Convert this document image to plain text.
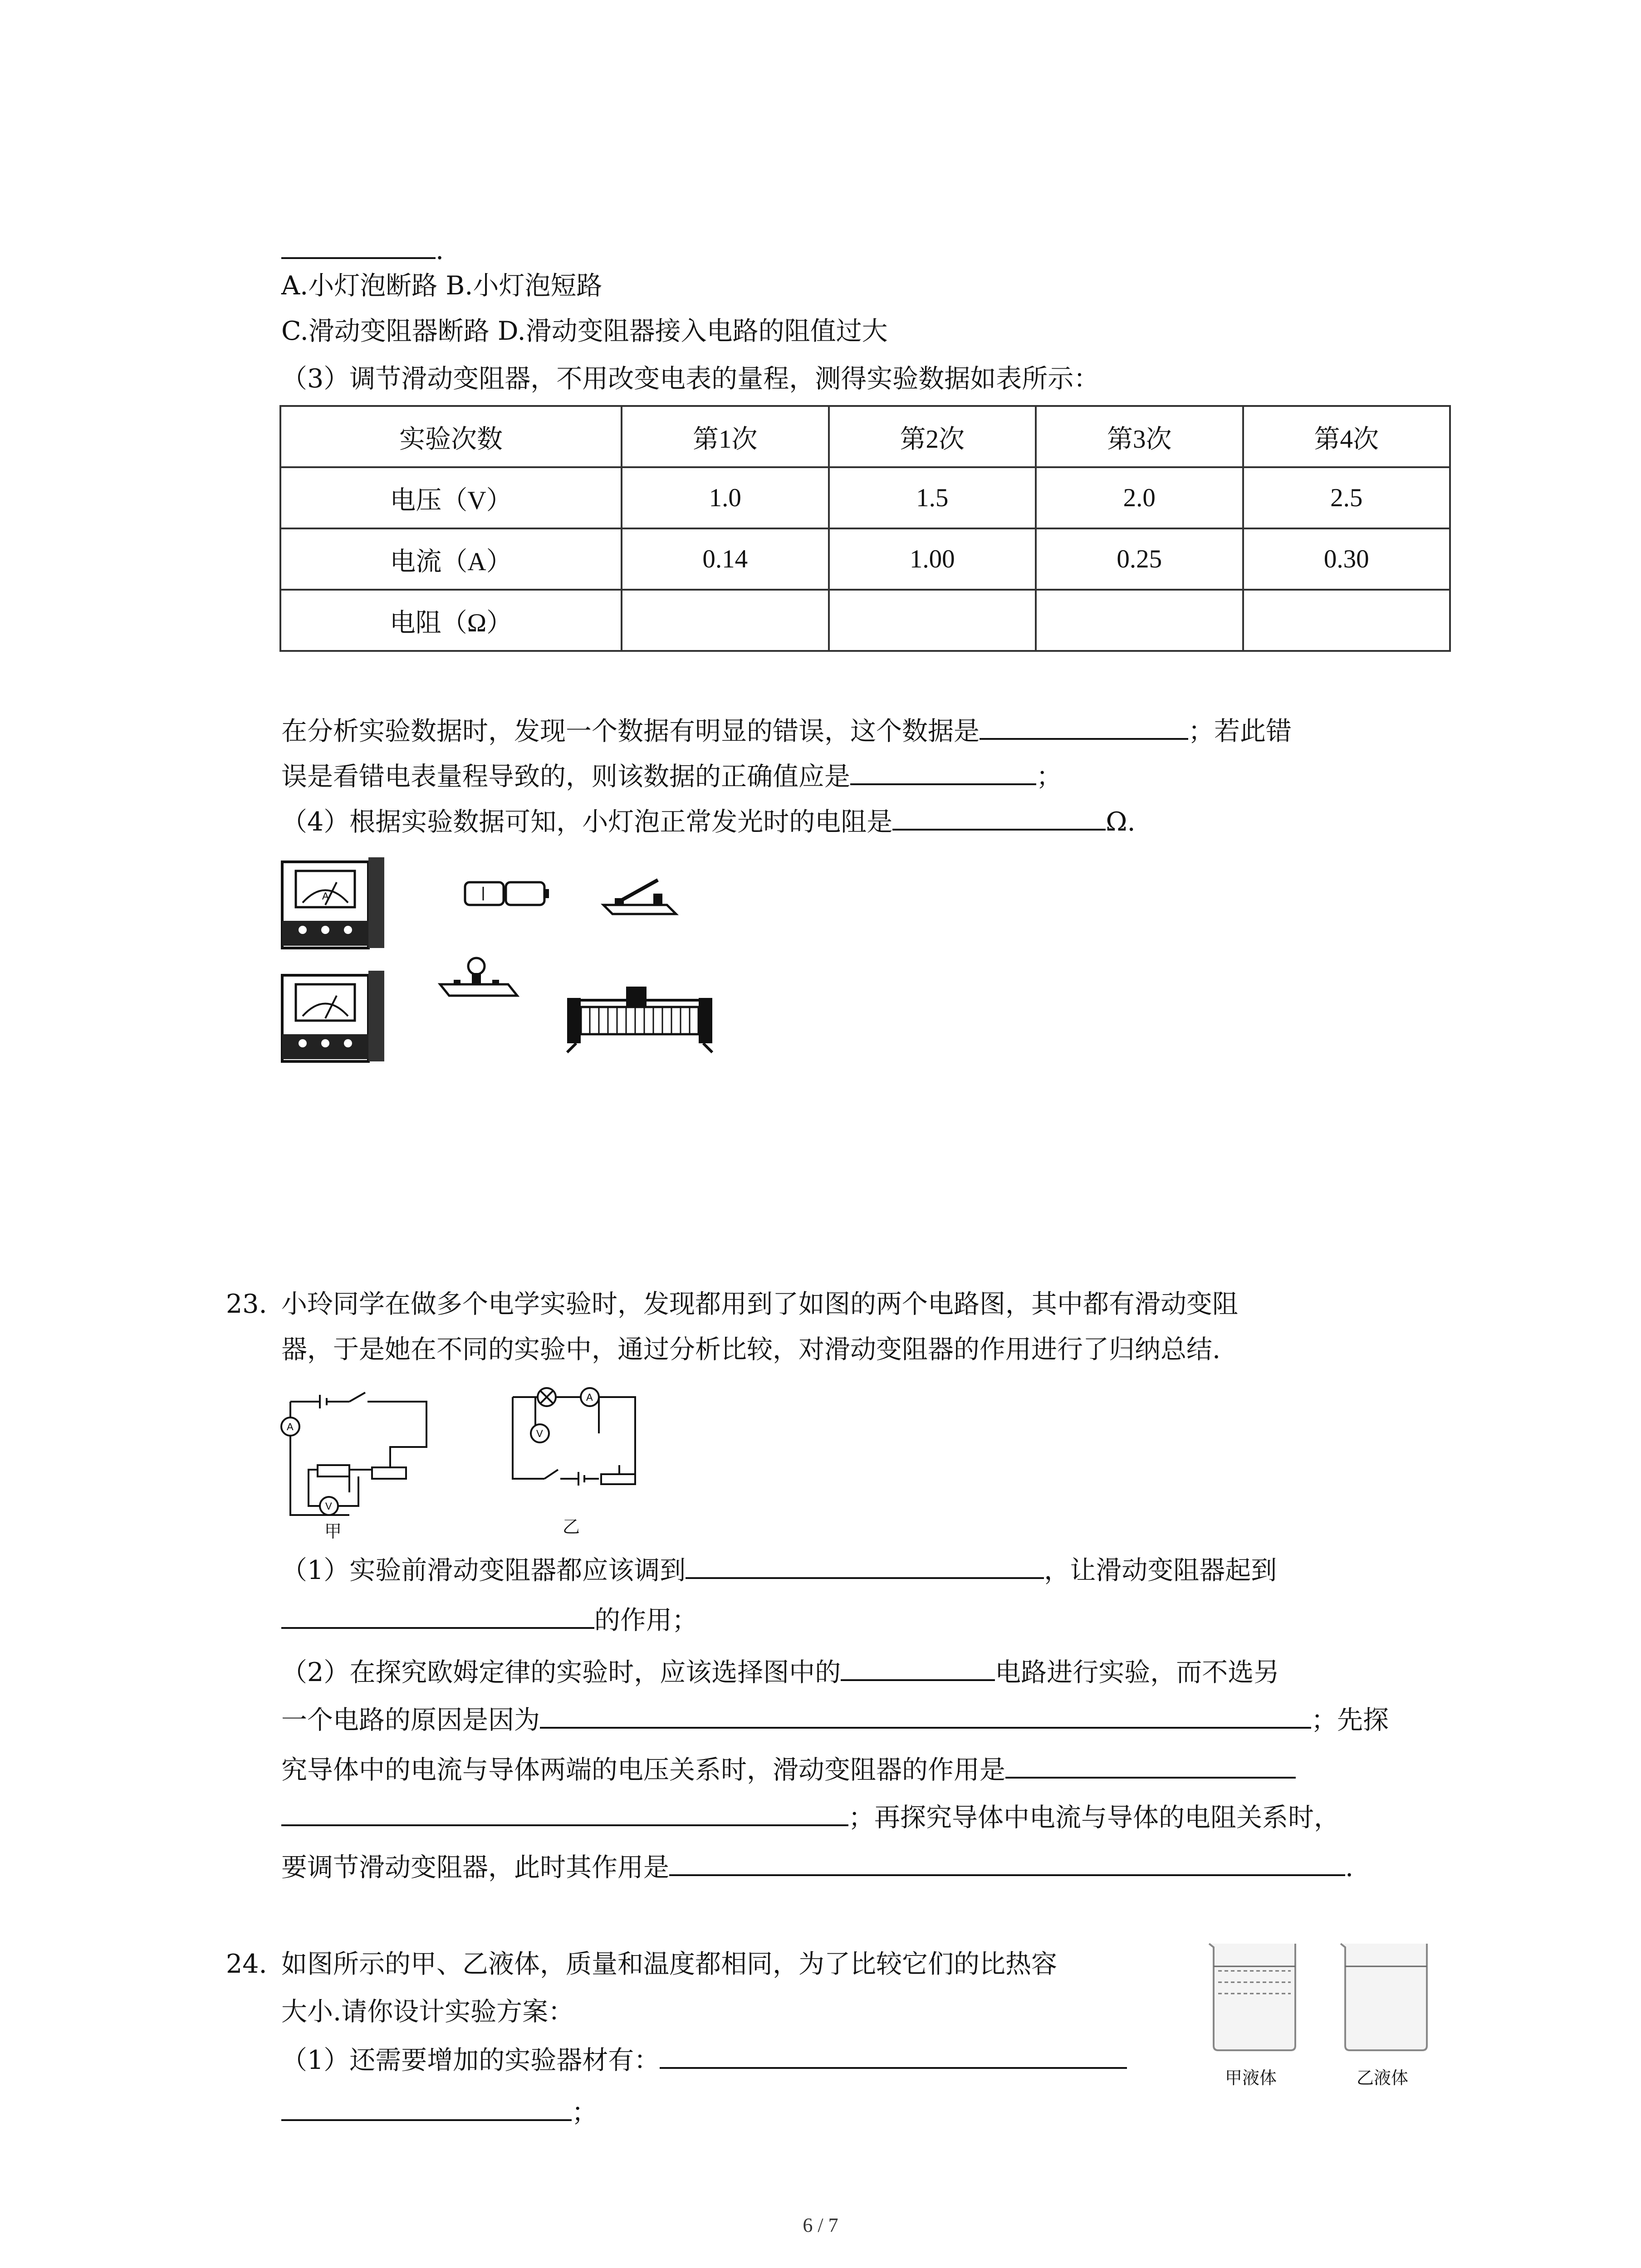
.
A.小灯泡断路 B.小灯泡短路
C.滑动变阻器断路 D.滑动变阻器接入电路的阻值过大
（3）调节滑动变阻器，不用改变电表的量程，测得实验数据如表所示：
实验次数	第1次	第2次	第3次	第4次
电压（V）	1.0	1.5	2.0	2.5
电流（A）	0.14	1.00	0.25	0.30
电阻（Ω）				
在分析实验数据时，发现一个数据有明显的错误，这个数据是	；若此错
误是看错电表量程导致的，则该数据的正确值应是	；
（4）根据实验数据可知，小灯泡正常发光时的电阻是	Ω.
A
23. 小玲同学在做多个电学实验时，发现都用到了如图的两个电路图，其中都有滑动变阻
器，于是她在不同的实验中，通过分析比较，对滑动变阻器的作用进行了归纳总结.
A
V
甲
A
V
乙
（1）实验前滑动变阻器都应该调到	，让滑动变阻器起到
的作用；
（2）在探究欧姆定律的实验时，应该选择图中的	电路进行实验，而不选另
一个电路的原因是因为	；先探
究导体中的电流与导体两端的电压关系时，滑动变阻器的作用是
；再探究导体中电流与导体的电阻关系时，
要调节滑动变阻器，此时其作用是	.
24. 如图所示的甲、乙液体，质量和温度都相同，为了比较它们的比热容
大小.请你设计实验方案：
（1）还需要增加的实验器材有：
；
甲液体	乙液体
6 / 7
